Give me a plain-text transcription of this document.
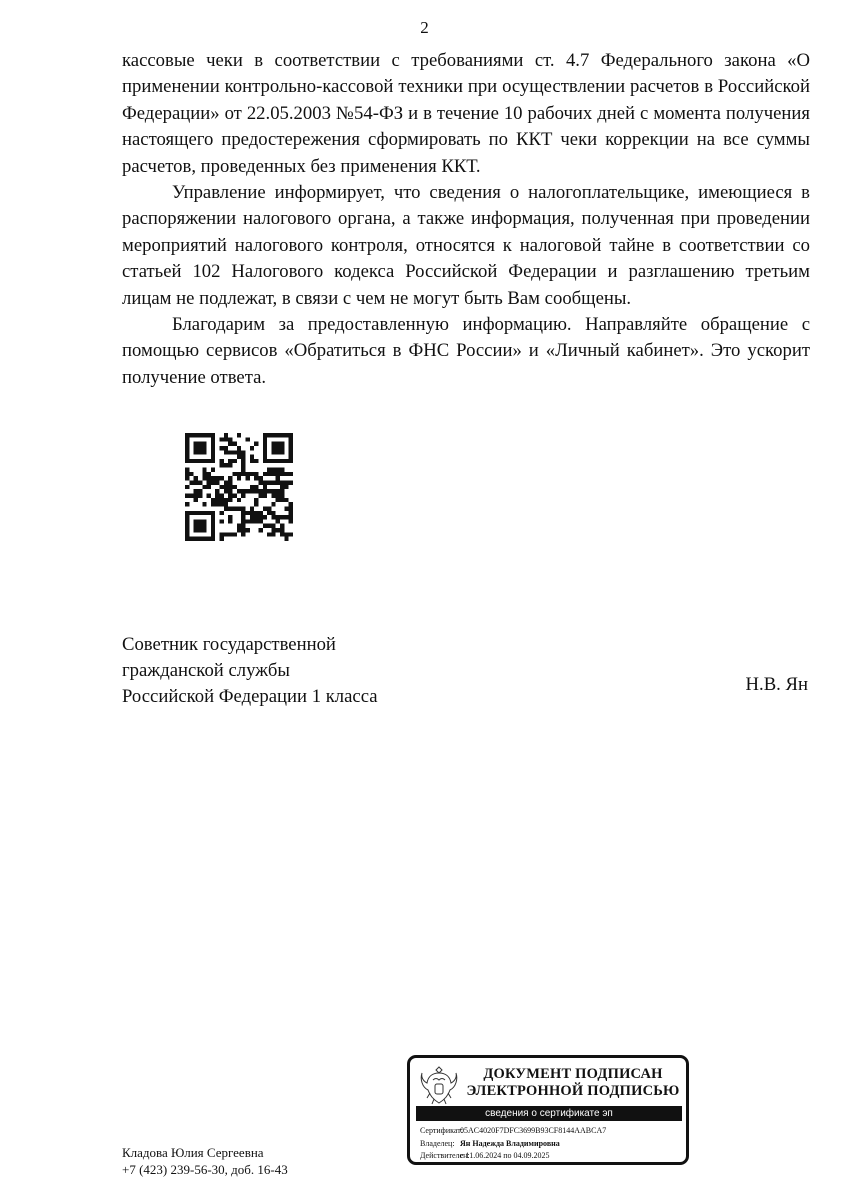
2

кассовые чеки в соответствии с требованиями ст. 4.7 Федерального закона «О применении контрольно-кассовой техники при осуществлении расчетов в Российской Федерации» от 22.05.2003 №54-ФЗ и в течение 10 рабочих дней с момента получения настоящего предостережения сформировать по ККТ чеки коррекции на все суммы расчетов, проведенных без применения ККТ.

Управление информирует, что сведения о налогоплательщике, имеющиеся в распоряжении налогового органа, а также информация, полученная при проведении мероприятий налогового контроля, относятся к налоговой тайне в соответствии со статьей 102 Налогового кодекса Российской Федерации и разглашению третьим лицам не подлежат, в связи с чем не могут быть Вам сообщены.

Благодарим за предоставленную информацию. Направляйте обращение с помощью сервисов «Обратиться в ФНС России» и «Личный кабинет». Это ускорит получение ответа.

Советник государственной
гражданской службы
Российской Федерации 1 класса
Н.В. Ян
ДОКУМЕНТ ПОДПИСАН
ЭЛЕКТРОННОЙ ПОДПИСЬЮ
сведения о сертификате эп
Сертификат:
05AC4020F7DFC3699B93CF8144AABCA7
Владелец: Ян Надежда Владимировна
Действителен:
с 11.06.2024 по 04.09.2025
Кладова Юлия Сергеевна
+7 (423) 239-56-30, доб. 16-43
